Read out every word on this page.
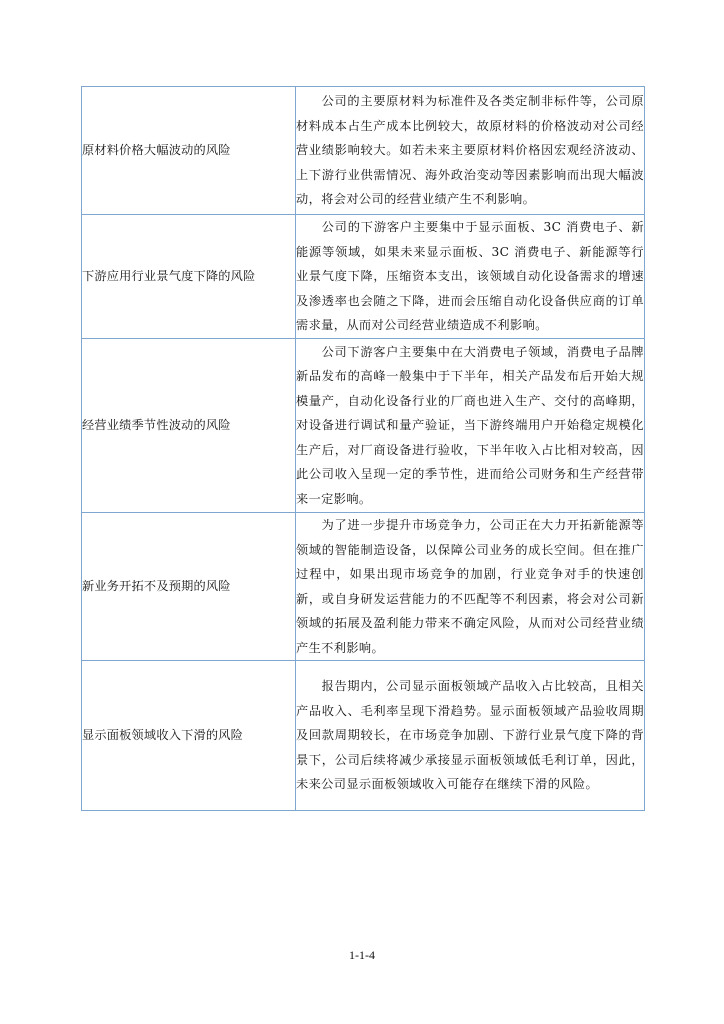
原材料价格大幅波动的风险	公司的主要原材料为标准件及各类定制非标件等，公司原材料成本占生产成本比例较大，故原材料的价格波动对公司经营业绩影响较大。如若未来主要原材料价格因宏观经济波动、上下游行业供需情况、海外政治变动等因素影响而出现大幅波动，将会对公司的经营业绩产生不利影响。
下游应用行业景气度下降的风险	公司的下游客户主要集中于显示面板、3C 消费电子、新能源等领域，如果未来显示面板、3C 消费电子、新能源等行业景气度下降，压缩资本支出，该领域自动化设备需求的增速及渗透率也会随之下降，进而会压缩自动化设备供应商的订单需求量，从而对公司经营业绩造成不利影响。
经营业绩季节性波动的风险	公司下游客户主要集中在大消费电子领域，消费电子品牌新品发布的高峰一般集中于下半年，相关产品发布后开始大规模量产，自动化设备行业的厂商也进入生产、交付的高峰期，对设备进行调试和量产验证，当下游终端用户开始稳定规模化生产后，对厂商设备进行验收，下半年收入占比相对较高，因此公司收入呈现一定的季节性，进而给公司财务和生产经营带来一定影响。
新业务开拓不及预期的风险	为了进一步提升市场竞争力，公司正在大力开拓新能源等领域的智能制造设备，以保障公司业务的成长空间。但在推广过程中，如果出现市场竞争的加剧，行业竞争对手的快速创新，或自身研发运营能力的不匹配等不利因素，将会对公司新领域的拓展及盈利能力带来不确定风险，从而对公司经营业绩产生不利影响。
显示面板领域收入下滑的风险	报告期内，公司显示面板领域产品收入占比较高，且相关产品收入、毛利率呈现下滑趋势。显示面板领域产品验收周期及回款周期较长，在市场竞争加剧、下游行业景气度下降的背景下，公司后续将减少承接显示面板领域低毛利订单，因此，未来公司显示面板领域收入可能存在继续下滑的风险。
1-1-4
